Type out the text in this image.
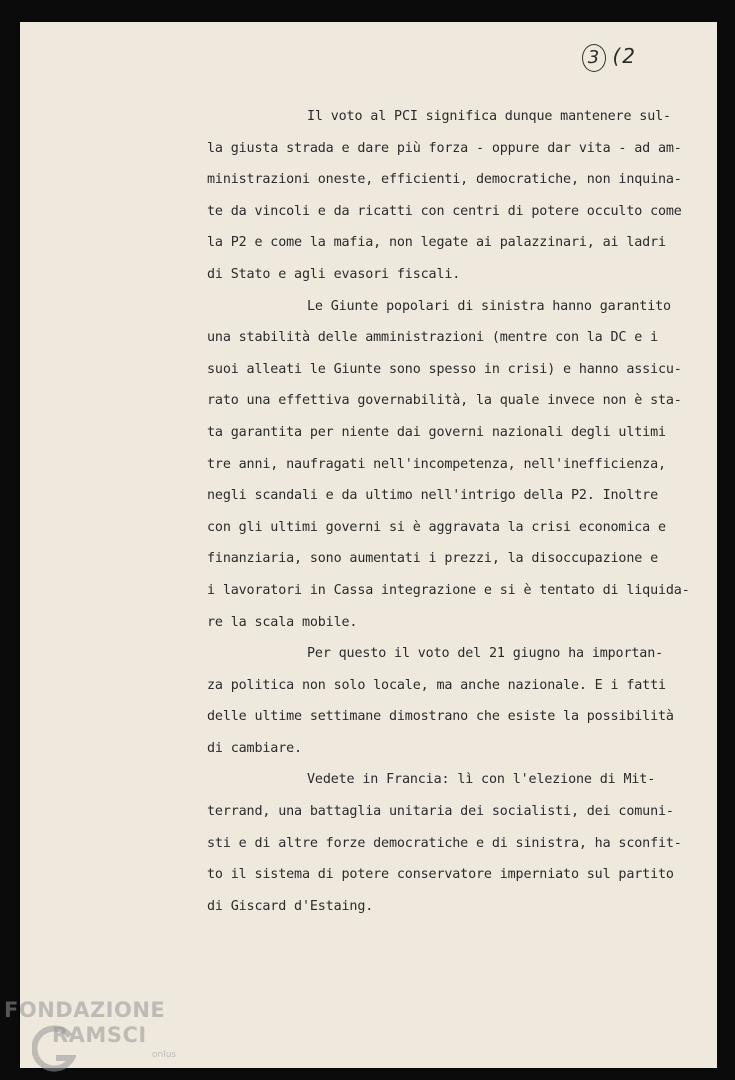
3 (2
Il voto al PCI significa dunque mantenere sul-
la giusta strada e dare più forza - oppure dar vita - ad am-
ministrazioni oneste, efficienti, democratiche, non inquina-
te da vincoli e da ricatti con centri di potere occulto come
la P2 e come la mafia, non legate ai palazzinari, ai ladri
di Stato e agli evasori fiscali.
Le Giunte popolari di sinistra hanno garantito
una stabilità delle amministrazioni (mentre con la DC e i
suoi alleati le Giunte sono spesso in crisi) e hanno assicu-
rato una effettiva governabilità, la quale invece non è sta-
ta garantita per niente dai governi nazionali degli ultimi
tre anni, naufragati nell'incompetenza, nell'inefficienza,
negli scandali e da ultimo nell'intrigo della P2. Inoltre
con gli ultimi governi si è aggravata la crisi economica e
finanziaria, sono aumentati i prezzi, la disoccupazione e
i lavoratori in Cassa integrazione e si è tentato di liquida-
re la scala mobile.
Per questo il voto del 21 giugno ha importan-
za politica non solo locale, ma anche nazionale. E i fatti
delle ultime settimane dimostrano che esiste la possibilità
di cambiare.
Vedete in Francia: lì con l'elezione di Mit-
terrand, una battaglia unitaria dei socialisti, dei comuni-
sti e di altre forze democratiche e di sinistra, ha sconfit-
to il sistema di potere conservatore imperniato sul partito
di Giscard d'Estaing.
FONDAZIONE
RAMSCI
onlus
